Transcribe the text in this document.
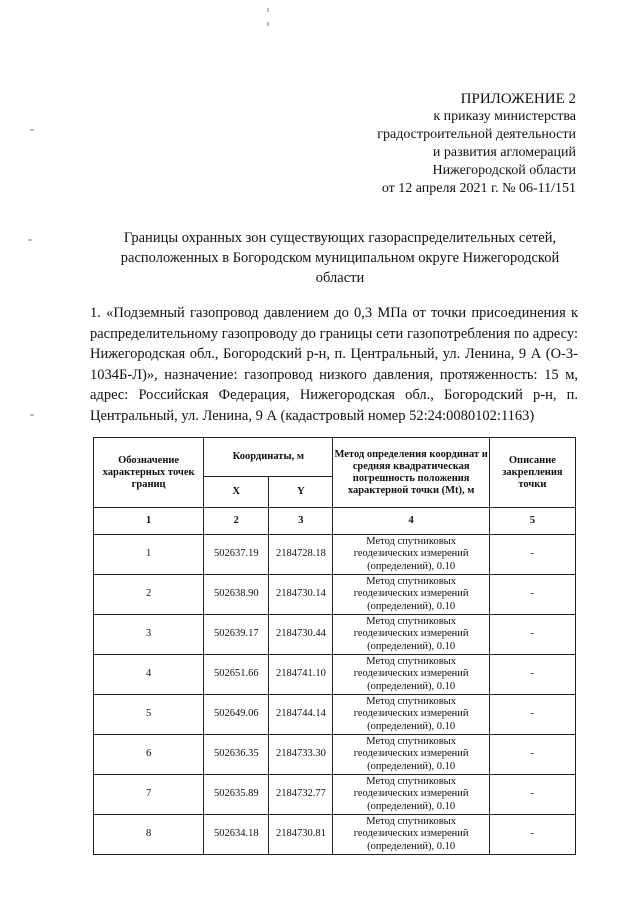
ПРИЛОЖЕНИЕ 2
к приказу министерства
градостроительной деятельности
и развития агломераций
Нижегородской области
от 12 апреля 2021 г. № 06-11/151
Границы охранных зон существующих газораспределительных сетей,
расположенных в Богородском муниципальном округе Нижегородской
области
1. «Подземный газопровод давлением до 0,3 МПа от точки присоединения к распределительному газопроводу до границы сети газопотребления по адресу: Нижегородская обл., Богородский р-н, п. Центральный, ул. Ленина, 9 А (О-3-1034Б-Л)», назначение: газопровод низкого давления, протяженность: 15 м, адрес: Российская Федерация, Нижегородская обл., Богородский р-н, п. Центральный, ул. Ленина, 9 А (кадастровый номер 52:24:0080102:1163)
Обозначение характерных точек границ	Координаты, м		Метод определения координат и средняя квадратическая погрешность положения характерной точки (Mt), м	Описание закрепления точки
	X	Y		
1	2	3	4	5
1	502637.19	2184728.18	Метод спутниковых геодезических измерений (определений), 0.10	-
2	502638.90	2184730.14	Метод спутниковых геодезических измерений (определений), 0.10	-
3	502639.17	2184730.44	Метод спутниковых геодезических измерений (определений), 0.10	-
4	502651.66	2184741.10	Метод спутниковых геодезических измерений (определений), 0.10	-
5	502649.06	2184744.14	Метод спутниковых геодезических измерений (определений), 0.10	-
6	502636.35	2184733.30	Метод спутниковых геодезических измерений (определений), 0.10	-
7	502635.89	2184732.77	Метод спутниковых геодезических измерений (определений), 0.10	-
8	502634.18	2184730.81	Метод спутниковых геодезических измерений (определений), 0.10	-
